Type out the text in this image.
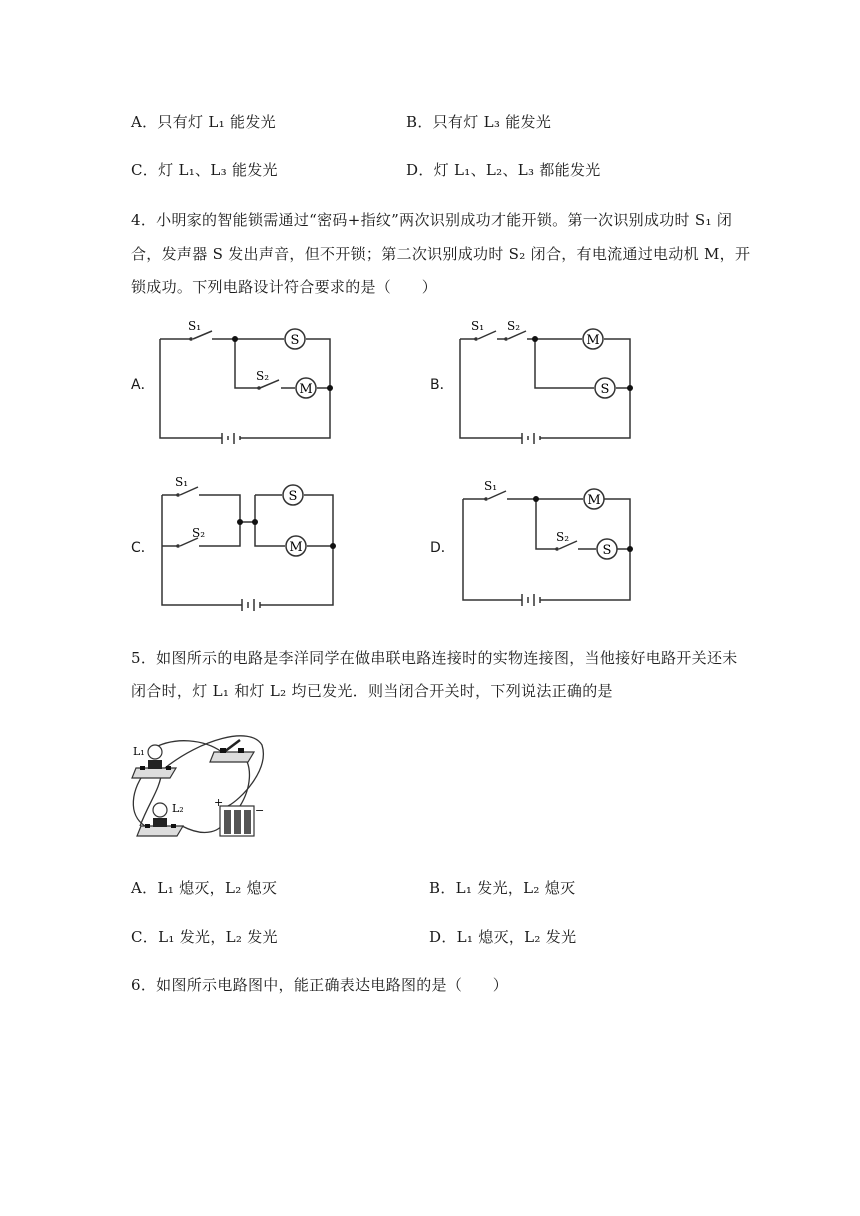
A．只有灯 L₁ 能发光	B．只有灯 L₃ 能发光
C．灯 L₁、L₃ 能发光	D．灯 L₁、L₂、L₃ 都能发光
4．小明家的智能锁需通过“密码+指纹”两次识别成功才能开锁。第一次识别成功时 S₁ 闭
合，发声器 S 发出声音，但不开锁；第二次识别成功时 S₂ 闭合，有电流通过电动机 M，开
锁成功。下列电路设计符合要求的是（　　）
A．	B．
C．	D．
S
M
S₁
S₂
M
S
S₁ S₂
S
M
S₁
S₂
M
S
S₁
S₂
5．如图所示的电路是李洋同学在做串联电路连接时的实物连接图，当他接好电路开关还未
闭合时，灯 L₁ 和灯 L₂ 均已发光．则当闭合开关时，下列说法正确的是
L₁
L₂	+
−
A．L₁ 熄灭，L₂ 熄灭	B．L₁ 发光，L₂ 熄灭
C．L₁ 发光，L₂ 发光	D．L₁ 熄灭，L₂ 发光
6．如图所示电路图中，能正确表达电路图的是（　　）
